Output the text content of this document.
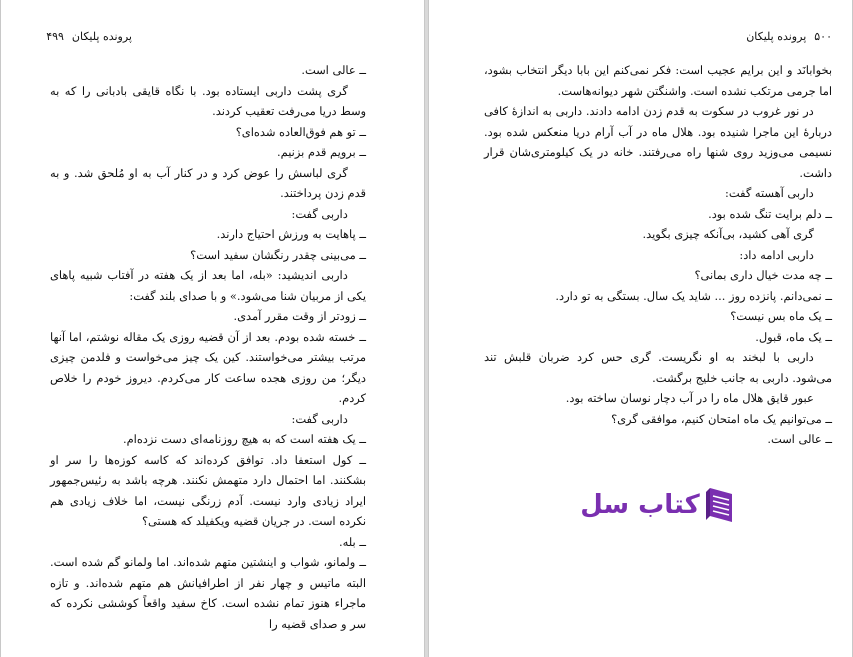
پرونده پلیکان
۴۹۹

ــ عالی است.

گری پشت داربی ایستاده بود. با نگاه قایقی بادبانی را که به وسط دریا می‌رفت تعقیب کردند.

ــ تو هم فوق‌العاده شده‌ای؟

ــ برویم قدم بزنیم.

گری لباسش را عوض کرد و در کنار آب به او مُلحق شد. و به قدم زدن پرداختند.

داربی گفت:

ــ پاهایت به ورزش احتیاج دارند.

ــ می‌بینی چقدر رنگشان سفید است؟

داربی اندیشید: «بله، اما بعد از یک هفته در آفتاب شبیه پاهای یکی از مربیان شنا می‌شود.» و با صدای بلند گفت:

ــ زودتر از وقت مقرر آمدی.

ــ خسته شده بودم. بعد از آن قضیه روزی یک مقاله نوشتم، اما آنها مرتب بیشتر می‌خواستند. کین یک چیز می‌خواست و فلدمن چیزی دیگر؛ من روزی هجده ساعت کار می‌کردم. دیروز خودم را خلاص کردم.

داربی گفت:

ــ یک هفته است که به هیچ روزنامه‌ای دست نزده‌ام.

ــ کول استعفا داد. توافق کرده‌اند که کاسه کوزه‌ها را سر او بشکنند. اما احتمال دارد متهمش نکنند. هرچه باشد به رئیس‌جمهور ایراد زیادی وارد نیست. آدم زرنگی نیست، اما خلاف زیادی هم نکرده است. در جریان قضیه ویکفیلد که هستی؟

ــ بله.

ــ ولمانو، شواب و اینشتین متهم شده‌اند. اما ولمانو گم شده است. البته ماتیس و چهار نفر از اطرافیانش هم متهم شده‌اند. و تازه ماجراء هنوز تمام نشده است. کاخ سفید واقعاً کوششی نکرده که سر و صدای قضیه را

۵۰۰
پرونده پلیکان

بخوابانَد و این برایم عجیب است: فکر نمی‌کنم این بابا دیگر انتخاب بشود، اما جرمی مرتکب نشده است. واشنگتن شهر دیوانه‌هاست.

در نور غروب در سکوت به قدم زدن ادامه دادند. داربی به اندازهٔ کافی دربارهٔ این ماجرا شنیده بود. هلال ماه در آب آرام دریا منعکس شده بود. نسیمی می‌وزید روی شنها راه می‌رفتند. خانه در یک کیلومتری‌شان قرار داشت.

داربی آهسته گفت:

ــ دلم برایت تنگ شده بود.

گری آهی کشید، بی‌آنکه چیزی بگوید.

داربی ادامه داد:

ــ چه مدت خیال داری بمانی؟

ــ نمی‌دانم. پانزده روز ... شاید یک سال. بستگی به تو دارد.

ــ یک ماه بس نیست؟

ــ یک ماه، قبول.

داربی با لبخند به او نگریست. گری حس کرد ضربان قلبش تند می‌شود. داربی به جانب خلیج برگشت.

عبور قایق هلال ماه را در آب دچار نوسان ساخته بود.

ــ می‌توانیم یک ماه امتحان کنیم، موافقی گری؟

ــ عالی است.

کتاب سل
